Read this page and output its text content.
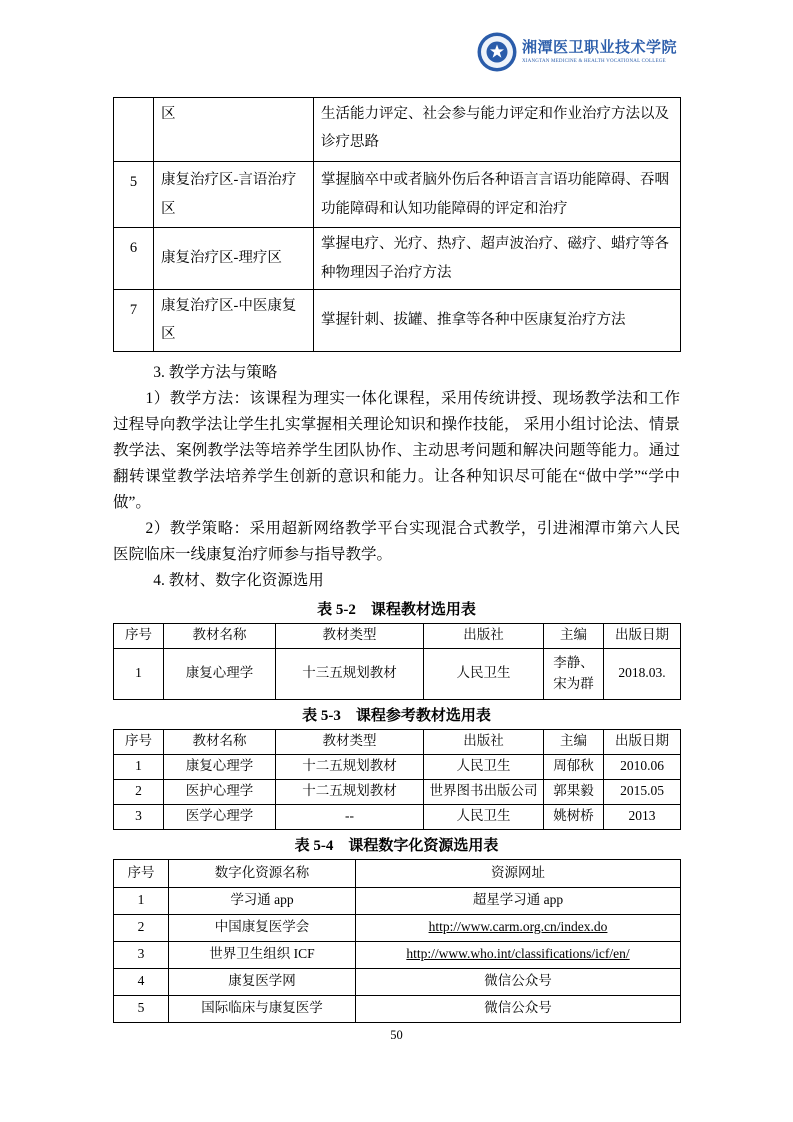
湘潭医卫职业技术学院
XIANGTAN MEDICINE & HEALTH VOCATIONAL COLLEGE
	区	生活能力评定、社会参与能力评定和作业治疗方法以及诊疗思路
5	康复治疗区-言语治疗区	掌握脑卒中或者脑外伤后各种语言言语功能障碍、吞咽功能障碍和认知功能障碍的评定和治疗
6	康复治疗区-理疗区	掌握电疗、光疗、热疗、超声波治疗、磁疗、蜡疗等各种物理因子治疗方法
7	康复治疗区-中医康复区	掌握针刺、拔罐、推拿等各种中医康复治疗方法

3. 教学方法与策略

1）教学方法：该课程为理实一体化课程，采用传统讲授、现场教学法和工作过程导向教学法让学生扎实掌握相关理论知识和操作技能， 采用小组讨论法、情景教学法、案例教学法等培养学生团队协作、主动思考问题和解决问题等能力。通过翻转课堂教学法培养学生创新的意识和能力。让各种知识尽可能在“做中学”“学中做”。

2）教学策略：采用超新网络教学平台实现混合式教学，引进湘潭市第六人民医院临床一线康复治疗师参与指导教学。

4. 教材、数字化资源选用

表 5-2　课程教材选用表

序号	教材名称	教材类型	出版社	主编	出版日期
1	康复心理学	十三五规划教材	人民卫生	李静、宋为群	2018.03.

表 5-3　课程参考教材选用表

序号	教材名称	教材类型	出版社	主编	出版日期
1	康复心理学	十二五规划教材	人民卫生	周郁秋	2010.06
2	医护心理学	十二五规划教材	世界图书出版公司	郭果毅	2015.05
3	医学心理学	--	人民卫生	姚树桥	2013

表 5-4　课程数字化资源选用表

序号	数字化资源名称	资源网址
1	学习通 app	超星学习通 app
2	中国康复医学会	http://www.carm.org.cn/index.do
3	世界卫生组织 ICF	http://www.who.int/classifications/icf/en/
4	康复医学网	微信公众号
5	国际临床与康复医学	微信公众号
50
